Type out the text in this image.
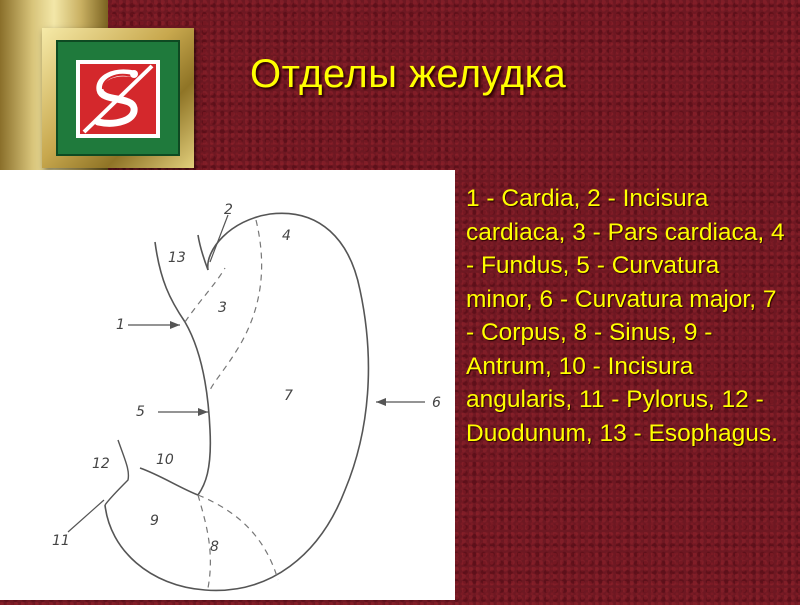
Отделы желудка
1
2
3
4
5
6
7
8
9
10
11
12
13
1 - Cardia, 2 - Incisura cardiaca, 3 - Pars cardiaca, 4 - Fundus, 5 - Curvatura minor, 6 - Curvatura major, 7 - Corpus, 8 - Sinus, 9 - Antrum, 10 - Incisura angularis, 11 - Pylorus, 12 - Duodunum, 13 - Esophagus.
